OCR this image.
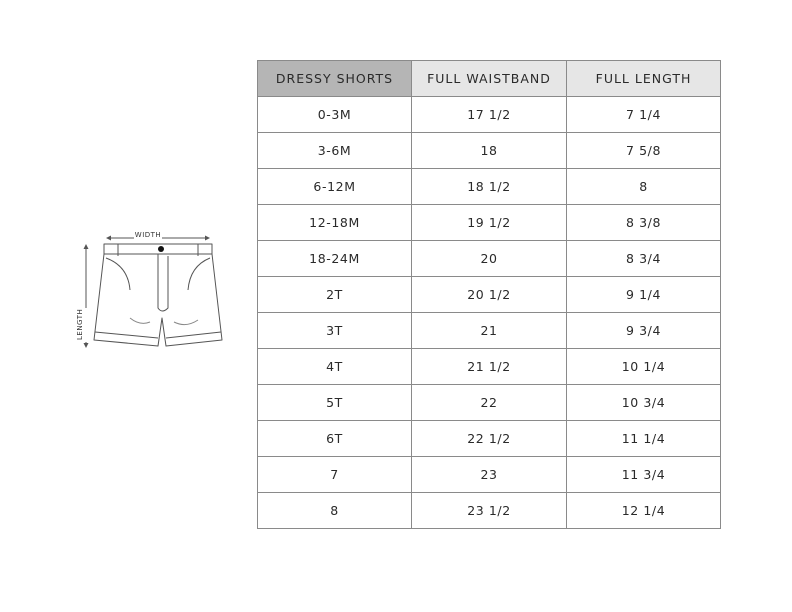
WIDTH
LENGTH
DRESSY SHORTS	FULL WAISTBAND	FULL LENGTH
0-3M	17 1/2	7 1/4
3-6M	18	7 5/8
6-12M	18 1/2	8
12-18M	19 1/2	8 3/8
18-24M	20	8 3/4
2T	20 1/2	9 1/4
3T	21	9 3/4
4T	21 1/2	10 1/4
5T	22	10 3/4
6T	22 1/2	11 1/4
7	23	11 3/4
8	23 1/2	12 1/4
